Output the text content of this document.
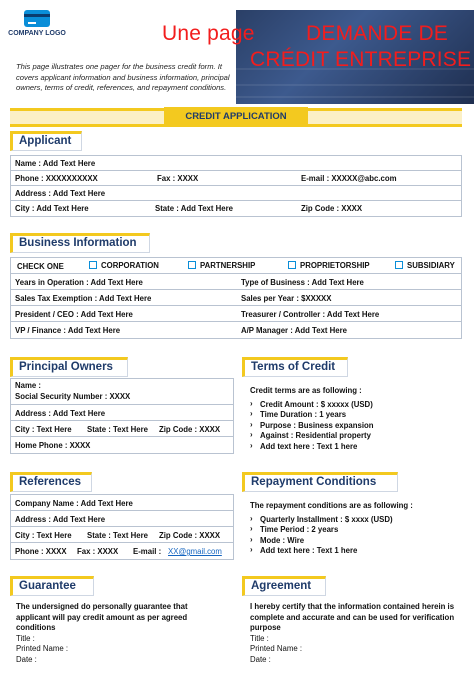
COMPANY LOGO	Une page DEMANDE DE
CRÉDIT ENTREPRISE
This page illustrates one pager for the business credit form. It covers applicant information and business information, principal owners, terms of credit, references, and repayment conditions.
CREDIT APPLICATION
Applicant
Name : Add Text Here
Phone : XXXXXXXXXX	Fax : XXXX	E-mail : XXXXX@abc.com
Address : Add Text Here
City : Add Text Here	State : Add Text Here	Zip Code : XXXX
Business Information
CHECK ONE	CORPORATION	PARTNERSHIP	PROPRIETORSHIP	SUBSIDIARY
Years in Operation : Add Text Here	Type of Business : Add Text Here
Sales Tax Exemption : Add Text Here	Sales per Year : $XXXXX
President / CEO : Add Text Here	Treasurer / Controller : Add Text Here
VP / Finance : Add Text Here	A/P Manager : Add Text Here
Principal Owners
Name :
Social Security Number : XXXX
Address : Add Text Here
City : Text Here State : Text Here Zip Code : XXXX
Home Phone : XXXX
Terms of Credit
Credit terms are as following :
› Credit Amount : $ xxxxx (USD)
› Time Duration : 1 years
› Purpose : Business expansion
› Against : Residential property
› Add text here : Text 1 here
References
Company Name : Add Text Here
Address : Add Text Here
City : Text Here State : Text Here Zip Code : XXXX
Phone : XXXX Fax : XXXX E-mail : XX@gmail.com
Repayment Conditions
The repayment conditions are as following :
› Quarterly Installment : $ xxxx (USD)
› Time Period : 2 years
› Mode : Wire
› Add text here : Text 1 here
Guarantee
The undersigned do personally guarantee that applicant will pay credit amount as per agreed conditions
Title :
Printed Name :
Date :
Agreement
I hereby certify that the information contained herein is complete and accurate and can be used for verification purpose
Title :
Printed Name :
Date :
